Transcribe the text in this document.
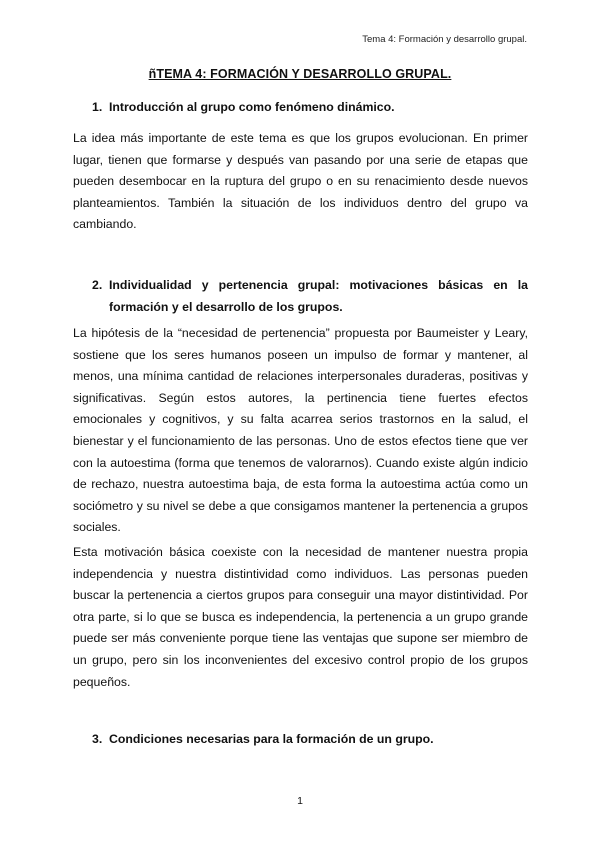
Tema 4: Formación y desarrollo grupal.
ñTEMA 4: FORMACIÓN Y DESARROLLO GRUPAL.
1. Introducción al grupo como fenómeno dinámico.

La idea más importante de este tema es que los grupos evolucionan. En primer lugar, tienen que formarse y después van pasando por una serie de etapas que pueden desembocar en la ruptura del grupo o en su renacimiento desde nuevos planteamientos. También la situación de los individuos dentro del grupo va cambiando.

2. Individualidad y pertenencia grupal: motivaciones básicas en la formación y el desarrollo de los grupos.

La hipótesis de la “necesidad de pertenencia” propuesta por Baumeister y Leary, sostiene que los seres humanos poseen un impulso de formar y mantener, al menos, una mínima cantidad de relaciones interpersonales duraderas, positivas y significativas. Según estos autores, la pertinencia tiene fuertes efectos emocionales y cognitivos, y su falta acarrea serios trastornos en la salud, el bienestar y el funcionamiento de las personas. Uno de estos efectos tiene que ver con la autoestima (forma que tenemos de valorarnos). Cuando existe algún indicio de rechazo, nuestra autoestima baja, de esta forma la autoestima actúa como un sociómetro y su nivel se debe a que consigamos mantener la pertenencia a grupos sociales.

Esta motivación básica coexiste con la necesidad de mantener nuestra propia independencia y nuestra distintividad como individuos. Las personas pueden buscar la pertenencia a ciertos grupos para conseguir una mayor distintividad. Por otra parte, si lo que se busca es independencia, la pertenencia a un grupo grande puede ser más conveniente porque tiene las ventajas que supone ser miembro de un grupo, pero sin los inconvenientes del excesivo control propio de los grupos pequeños.

3. Condiciones necesarias para la formación de un grupo.
1
